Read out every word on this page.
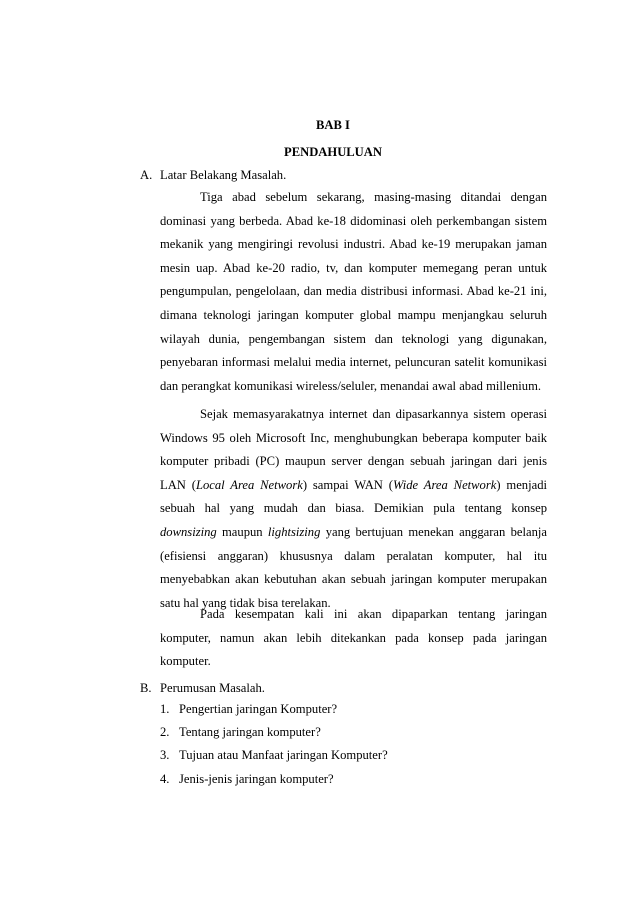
BAB I
PENDAHULUAN
A. Latar Belakang Masalah.

Tiga abad sebelum sekarang, masing-masing ditandai dengan dominasi yang berbeda. Abad ke-18 didominasi oleh perkembangan sistem mekanik yang mengiringi revolusi industri. Abad ke-19 merupakan jaman mesin uap. Abad ke-20 radio, tv, dan komputer memegang peran untuk pengumpulan, pengelolaan, dan media distribusi informasi. Abad ke-21 ini, dimana teknologi jaringan komputer global mampu menjangkau seluruh wilayah dunia, pengembangan sistem dan teknologi yang digunakan, penyebaran informasi melalui media internet, peluncuran satelit komunikasi dan perangkat komunikasi wireless/seluler, menandai awal abad millenium.

Sejak memasyarakatnya internet dan dipasarkannya sistem operasi Windows 95 oleh Microsoft Inc, menghubungkan beberapa komputer baik komputer pribadi (PC) maupun server dengan sebuah jaringan dari jenis LAN (Local Area Network) sampai WAN (Wide Area Network) menjadi sebuah hal yang mudah dan biasa. Demikian pula tentang konsep downsizing maupun lightsizing yang bertujuan menekan anggaran belanja (efisiensi anggaran) khususnya dalam peralatan komputer, hal itu menyebabkan akan kebutuhan akan sebuah jaringan komputer merupakan satu hal yang tidak bisa terelakan.

Pada kesempatan kali ini akan dipaparkan tentang jaringan komputer, namun akan lebih ditekankan pada konsep pada jaringan komputer.

B. Perumusan Masalah.
1. Pengertian jaringan Komputer?
2. Tentang jaringan komputer?
3. Tujuan atau Manfaat jaringan Komputer?
4. Jenis-jenis jaringan komputer?
